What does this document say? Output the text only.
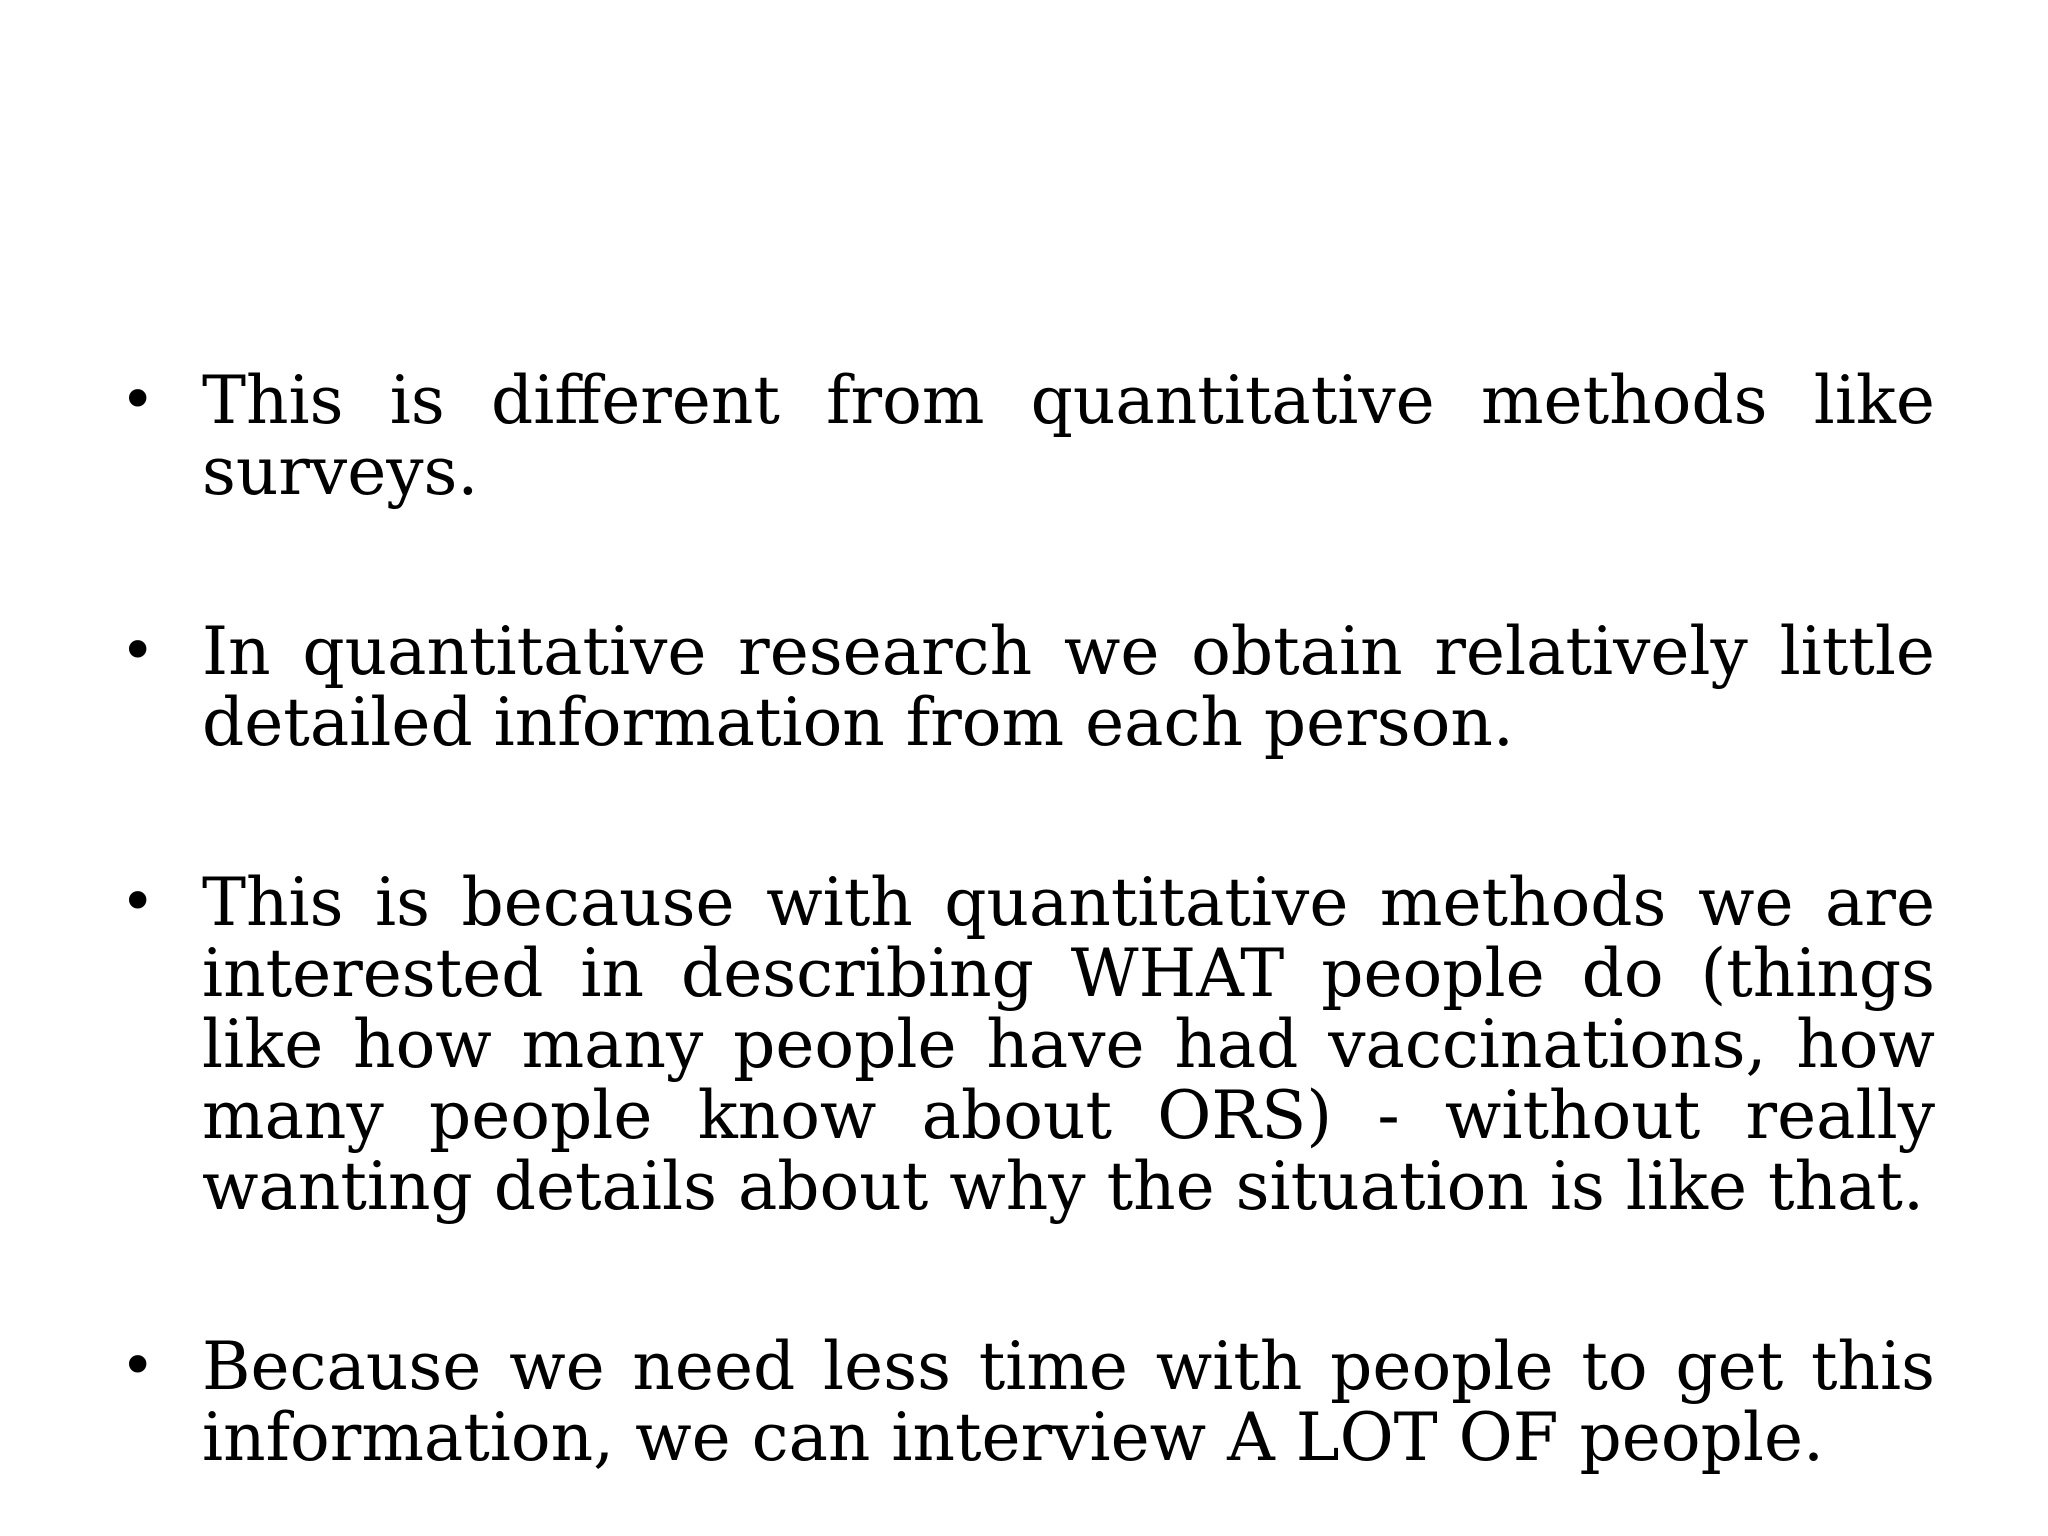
• This is different from quantitative methods like surveys.
• In quantitative research we obtain relatively little detailed information from each person.
• This is because with quantitative methods we are interested in describing WHAT people do (things like how many people have had vaccinations, how many people know about ORS) - without really wanting details about why the situation is like that.
• Because we need less time with people to get this information, we can interview A LOT OF people.
